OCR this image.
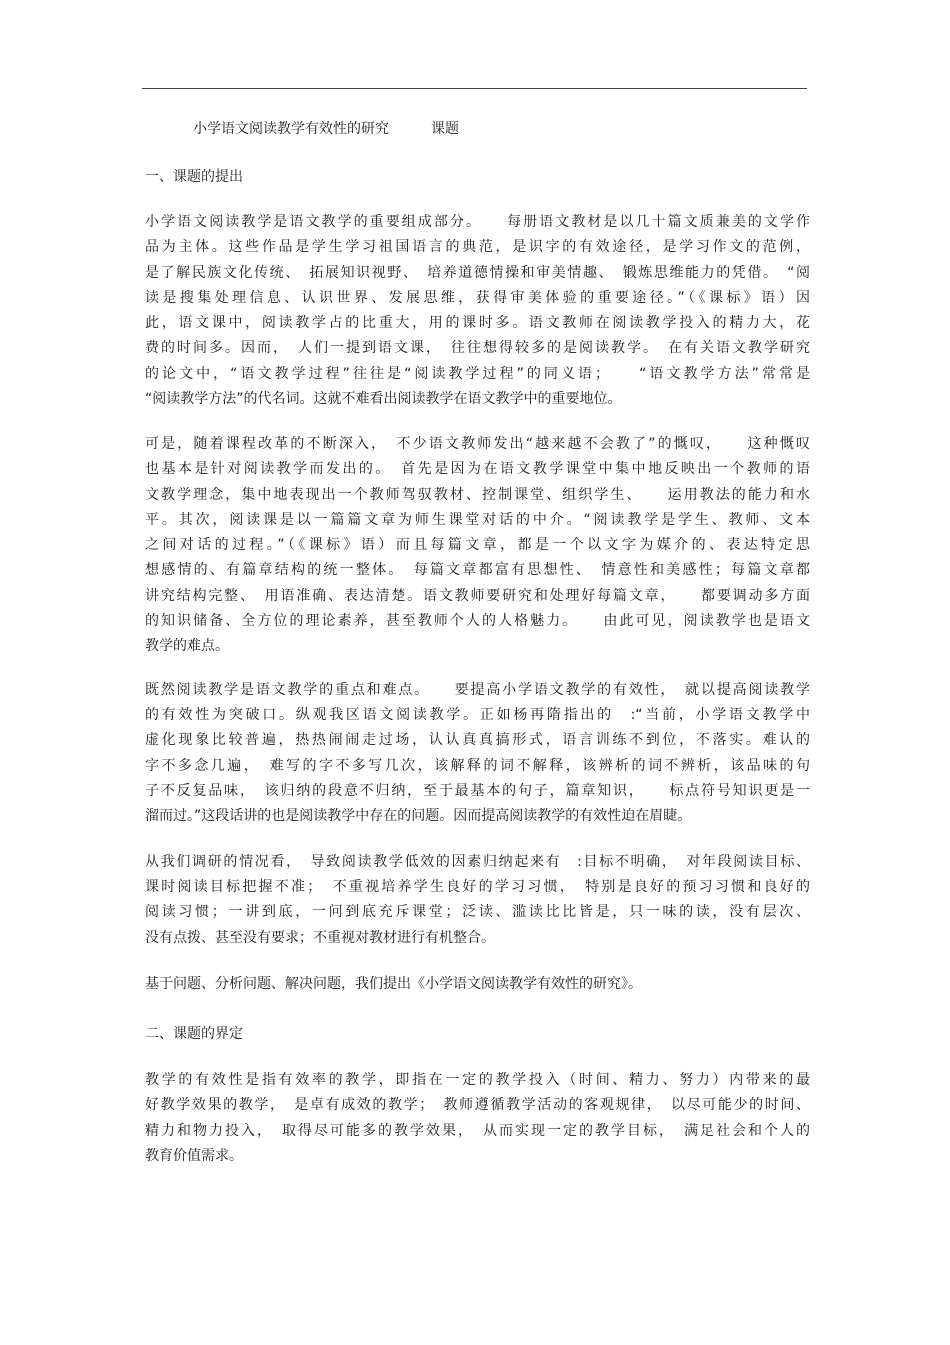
小学语文阅读教学有效性的研究	课题
一、课题的提出
小学语文阅读教学是语文教学的重要组成部分。　　每册语文教材是以几十篇文质兼美的文学作
品为主体。这些作品是学生学习祖国语言的典范，是识字的有效途径，是学习作文的范例，
是了解民族文化传统、　拓展知识视野、　培养道德情操和审美情趣、　锻炼思维能力的凭借。　“阅
读是搜集处理信息、认识世界、发展思维，获得审美体验的重要途径。”（《课标》语）因
此，语文课中，阅读教学占的比重大，用的课时多。语文教师在阅读教学投入的精力大，花
费的时间多。因而，　人们一提到语文课，　往往想得较多的是阅读教学。　在有关语文教学研究
的论文中，“语文教学过程”往往是“阅读教学过程”的同义语；　　“语文教学方法”常常是
“阅读教学方法”的代名词。这就不难看出阅读教学在语文教学中的重要地位。
可是，随着课程改革的不断深入，　不少语文教师发出“越来越不会教了”的慨叹，　　这种慨叹
也基本是针对阅读教学而发出的。　首先是因为在语文教学课堂中集中地反映出一个教师的语
文教学理念，集中地表现出一个教师驾驭教材、控制课堂、组织学生、　　运用教法的能力和水
平。其次，阅读课是以一篇篇文章为师生课堂对话的中介。“阅读教学是学生、教师、文本
之间对话的过程。”（《课标》语）而且每篇文章，都是一个以文字为媒介的、表达特定思
想感情的、有篇章结构的统一整体。　每篇文章都富有思想性、　情意性和美感性；每篇文章都
讲究结构完整、　用语准确、表达清楚。语文教师要研究和处理好每篇文章，　　都要调动多方面
的知识储备、全方位的理论素养，甚至教师个人的人格魅力。　　由此可见，阅读教学也是语文
教学的难点。
既然阅读教学是语文教学的重点和难点。　　要提高小学语文教学的有效性，　就以提高阅读教学
的有效性为突破口。纵观我区语文阅读教学。正如杨再隋指出的　:“当前，小学语文教学中
虚化现象比较普遍，热热闹闹走过场，认认真真搞形式，语言训练不到位，不落实。难认的
字不多念几遍，　难写的字不多写几次，该解释的词不解释，该辨析的词不辨析，该品味的句
子不反复品味，　该归纳的段意不归纳，至于最基本的句子，篇章知识，　　标点符号知识更是一
溜而过。”这段话讲的也是阅读教学中存在的问题。因而提高阅读教学的有效性迫在眉睫。
从我们调研的情况看，　导致阅读教学低效的因素归纳起来有　:目标不明确，　对年段阅读目标、
课时阅读目标把握不准；　不重视培养学生良好的学习习惯，　特别是良好的预习习惯和良好的
阅读习惯；一讲到底，一问到底充斥课堂；泛读、滥读比比皆是，只一味的读，没有层次、
没有点拨、甚至没有要求；不重视对教材进行有机整合。
基于问题、分析问题、解决问题，我们提出《小学语文阅读教学有效性的研究》。
二、课题的界定
教学的有效性是指有效率的教学，即指在一定的教学投入（时间、精力、努力）内带来的最
好教学效果的教学，　是卓有成效的教学；　教师遵循教学活动的客观规律，　以尽可能少的时间、
精力和物力投入，　取得尽可能多的教学效果，　从而实现一定的教学目标，　满足社会和个人的
教育价值需求。
